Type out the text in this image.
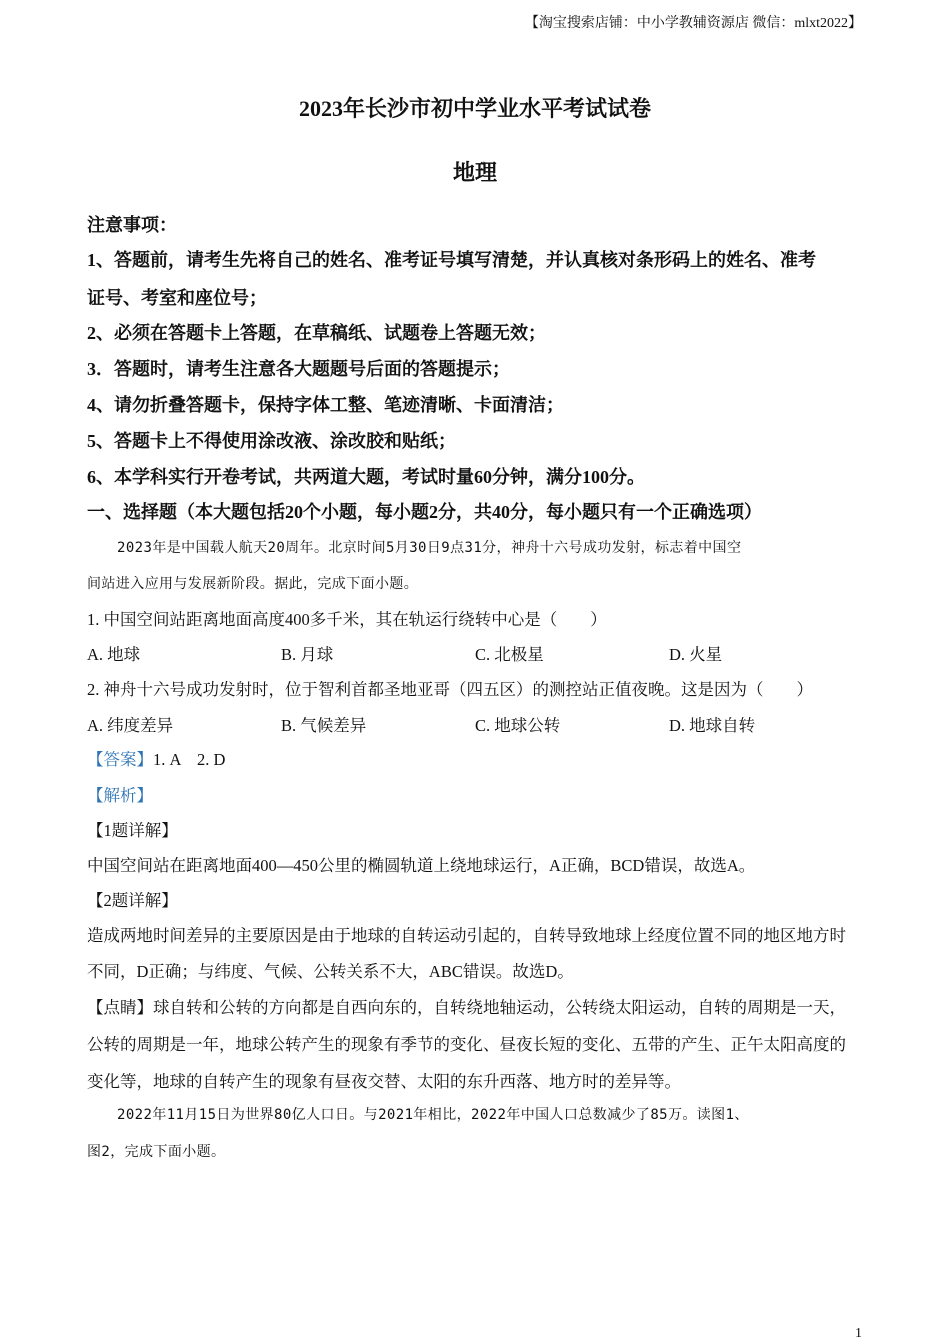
【淘宝搜索店铺：中小学教辅资源店 微信：mlxt2022】
2023年长沙市初中学业水平考试试卷
地理
注意事项：
1、答题前，请考生先将自己的姓名、准考证号填写清楚，并认真核对条形码上的姓名、准考
证号、考室和座位号；
2、必须在答题卡上答题，在草稿纸、试题卷上答题无效；
3．答题时，请考生注意各大题题号后面的答题提示；
4、请勿折叠答题卡，保持字体工整、笔迹清晰、卡面清洁；
5、答题卡上不得使用涂改液、涂改胶和贴纸；
6、本学科实行开卷考试，共两道大题，考试时量60分钟，满分100分。
一、选择题（本大题包括20个小题，每小题2分，共40分，每小题只有一个正确选项）
2023年是中国载人航天20周年。北京时间5月30日9点31分，神舟十六号成功发射，标志着中国空
间站进入应用与发展新阶段。据此，完成下面小题。
1. 中国空间站距离地面高度400多千米，其在轨运行绕转中心是（　　）
A. 地球	B. 月球	C. 北极星	D. 火星
2. 神舟十六号成功发射时，位于智利首都圣地亚哥（四五区）的测控站正值夜晚。这是因为（　　）
A. 纬度差异	B. 气候差异	C. 地球公转	D. 地球自转
【答案】1. A　2. D
【解析】
【1题详解】
中国空间站在距离地面400—450公里的椭圆轨道上绕地球运行，A正确，BCD错误，故选A。
【2题详解】
造成两地时间差异的主要原因是由于地球的自转运动引起的，自转导致地球上经度位置不同的地区地方时
不同，D正确；与纬度、气候、公转关系不大，ABC错误。故选D。
【点睛】球自转和公转的方向都是自西向东的，自转绕地轴运动，公转绕太阳运动，自转的周期是一天，
公转的周期是一年，地球公转产生的现象有季节的变化、昼夜长短的变化、五带的产生、正午太阳高度的
变化等，地球的自转产生的现象有昼夜交替、太阳的东升西落、地方时的差异等。
2022年11月15日为世界80亿人口日。与2021年相比，2022年中国人口总数减少了85万。读图1、
图2，完成下面小题。
1
